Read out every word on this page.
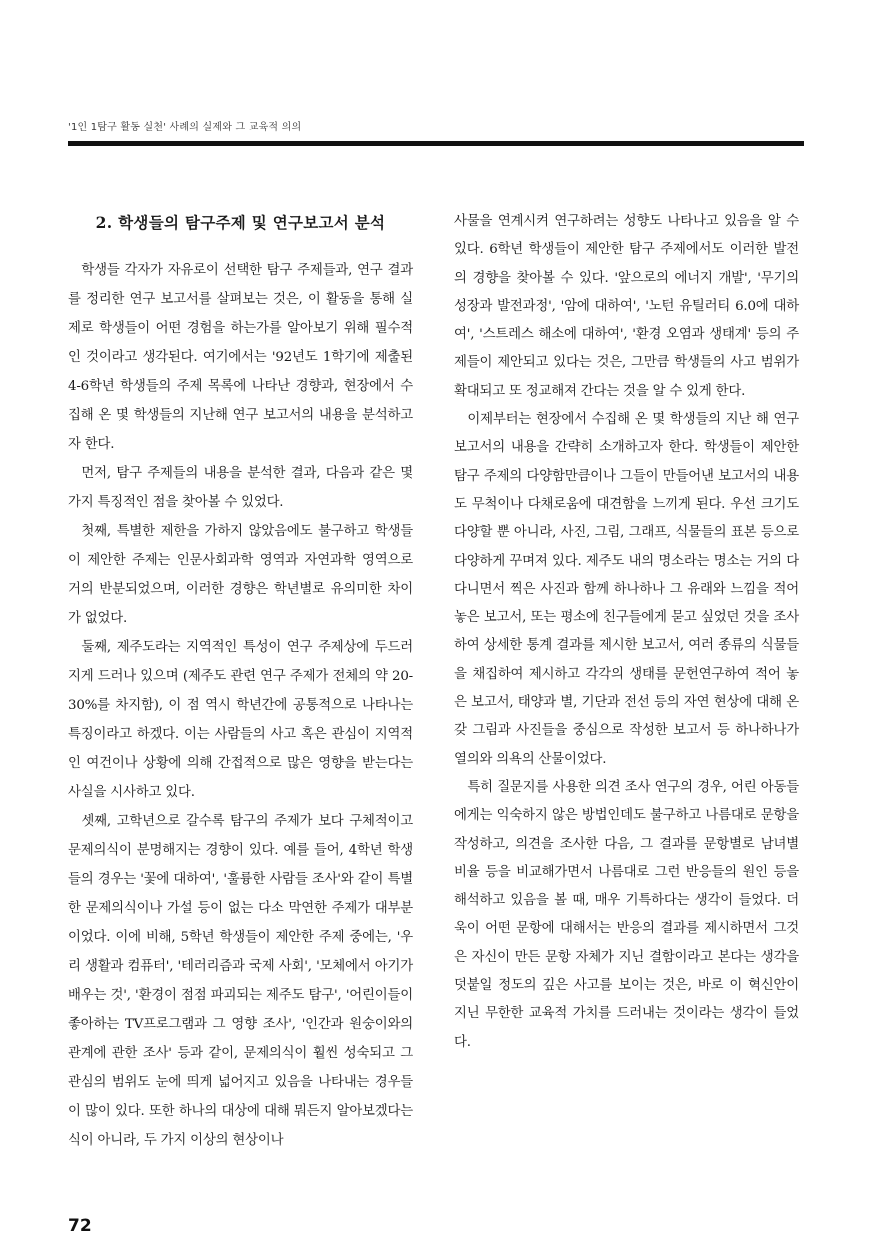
'1인 1탐구 활동 실천' 사례의 실제와 그 교육적 의의
2. 학생들의 탐구주제 및 연구보고서 분석

학생들 각자가 자유로이 선택한 탐구 주제들과, 연구 결과를 정리한 연구 보고서를 살펴보는 것은, 이 활동을 통해 실제로 학생들이 어떤 경험을 하는가를 알아보기 위해 필수적인 것이라고 생각된다. 여기에서는 '92년도 1학기에 제출된 4-6학년 학생들의 주제 목록에 나타난 경향과, 현장에서 수집해 온 몇 학생들의 지난해 연구 보고서의 내용을 분석하고자 한다.

먼저, 탐구 주제들의 내용을 분석한 결과, 다음과 같은 몇 가지 특징적인 점을 찾아볼 수 있었다.

첫째, 특별한 제한을 가하지 않았음에도 불구하고 학생들이 제안한 주제는 인문사회과학 영역과 자연과학 영역으로 거의 반분되었으며, 이러한 경향은 학년별로 유의미한 차이가 없었다.

둘째, 제주도라는 지역적인 특성이 연구 주제상에 두드러지게 드러나 있으며 (제주도 관련 연구 주제가 전체의 약 20-30%를 차지함), 이 점 역시 학년간에 공통적으로 나타나는 특징이라고 하겠다. 이는 사람들의 사고 혹은 관심이 지역적인 여건이나 상황에 의해 간접적으로 많은 영향을 받는다는 사실을 시사하고 있다.

셋째, 고학년으로 갈수록 탐구의 주제가 보다 구체적이고 문제의식이 분명해지는 경향이 있다. 예를 들어, 4학년 학생들의 경우는 '꽃에 대하여', '훌륭한 사람들 조사'와 같이 특별한 문제의식이나 가설 등이 없는 다소 막연한 주제가 대부분이었다. 이에 비해, 5학년 학생들이 제안한 주제 중에는, '우리 생활과 컴퓨터', '테러리즘과 국제 사회', '모체에서 아기가 배우는 것', '환경이 점점 파괴되는 제주도 탐구', '어린이들이 좋아하는 TV프로그램과 그 영향 조사', '인간과 원숭이와의 관계에 관한 조사' 등과 같이, 문제의식이 훨씬 성숙되고 그 관심의 범위도 눈에 띄게 넓어지고 있음을 나타내는 경우들이 많이 있다. 또한 하나의 대상에 대해 뭐든지 알아보겠다는 식이 아니라, 두 가지 이상의 현상이나

사물을 연계시켜 연구하려는 성향도 나타나고 있음을 알 수 있다. 6학년 학생들이 제안한 탐구 주제에서도 이러한 발전의 경향을 찾아볼 수 있다. '앞으로의 에너지 개발', '무기의 성장과 발전과정', '암에 대하여', '노턴 유틸러티 6.0에 대하여', '스트레스 해소에 대하여', '환경 오염과 생태계' 등의 주제들이 제안되고 있다는 것은, 그만큼 학생들의 사고 범위가 확대되고 또 정교해져 간다는 것을 알 수 있게 한다.

이제부터는 현장에서 수집해 온 몇 학생들의 지난 해 연구 보고서의 내용을 간략히 소개하고자 한다. 학생들이 제안한 탐구 주제의 다양함만큼이나 그들이 만들어낸 보고서의 내용도 무척이나 다채로움에 대견함을 느끼게 된다. 우선 크기도 다양할 뿐 아니라, 사진, 그림, 그래프, 식물들의 표본 등으로 다양하게 꾸며져 있다. 제주도 내의 명소라는 명소는 거의 다 다니면서 찍은 사진과 함께 하나하나 그 유래와 느낌을 적어 놓은 보고서, 또는 평소에 친구들에게 묻고 싶었던 것을 조사하여 상세한 통계 결과를 제시한 보고서, 여러 종류의 식물들을 채집하여 제시하고 각각의 생태를 문헌연구하여 적어 놓은 보고서, 태양과 별, 기단과 전선 등의 자연 현상에 대해 온갖 그림과 사진들을 중심으로 작성한 보고서 등 하나하나가 열의와 의욕의 산물이었다.

특히 질문지를 사용한 의견 조사 연구의 경우, 어린 아동들에게는 익숙하지 않은 방법인데도 불구하고 나름대로 문항을 작성하고, 의견을 조사한 다음, 그 결과를 문항별로 남녀별 비율 등을 비교해가면서 나름대로 그런 반응들의 원인 등을 해석하고 있음을 볼 때, 매우 기특하다는 생각이 들었다. 더욱이 어떤 문항에 대해서는 반응의 결과를 제시하면서 그것은 자신이 만든 문항 자체가 지닌 결함이라고 본다는 생각을 덧붙일 정도의 깊은 사고를 보이는 것은, 바로 이 혁신안이 지닌 무한한 교육적 가치를 드러내는 것이라는 생각이 들었다.

72
